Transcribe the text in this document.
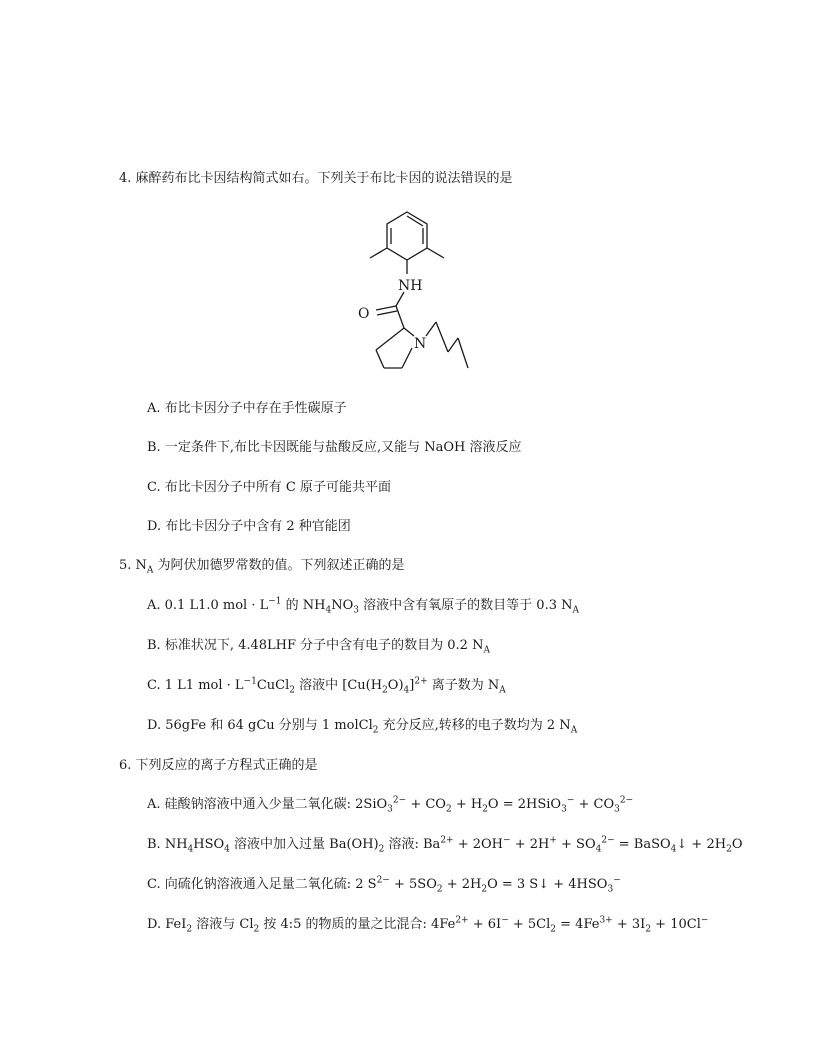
4. 麻醉药布比卡因结构简式如右。下列关于布比卡因的说法错误的是
NH
O
N
A. 布比卡因分子中存在手性碳原子
B. 一定条件下,布比卡因既能与盐酸反应,又能与 NaOH 溶液反应
C. 布比卡因分子中所有 C 原子可能共平面
D. 布比卡因分子中含有 2 种官能团
5. $N_A$ 为阿伏加德罗常数的值。下列叙述正确的是
A. 0.1 L1.0 mol · $L^{-1}$ 的 $NH_4NO_3$ 溶液中含有氧原子的数目等于 0.3 $N_A$
B. 标准状况下, 4.48LHF 分子中含有电子的数目为 0.2 $N_A$
C. 1 L1 mol · $L^{-1}CuCl_2$ 溶液中 $[Cu(H_2O)_4]^{2+}$ 离子数为 $N_A$
D. 56gFe 和 64 gCu 分别与 1 molCl$_2$ 充分反应,转移的电子数均为 2 $N_A$
6. 下列反应的离子方程式正确的是
A. 硅酸钠溶液中通入少量二氧化碳: $2SiO_3^{2-} + CO_2 + H_2O$ = 2HSiO$_3$− + $CO_3^{2-}$
B. $NH_4HSO_4$ 溶液中加入过量 $Ba(OH)_2$ 溶液: $Ba^{2+} + 2OH^- + 2H^+ + SO_4^{2-}$ = BaSO$_4$↓ + $2H_2O$
C. 向硫化钠溶液通入足量二氧化硫: 2 $S^{2-} + 5SO_2 + 2H_2O = 3$ S↓ + $4HSO_3^-$
D. FeI$_2$ 溶液与 $Cl_2$ 按 4:5 的物质的量之比混合: $4Fe^{2+} + 6I^- + 5Cl_2 = 4Fe^{3+} + 3I_2 + 10Cl^-$
